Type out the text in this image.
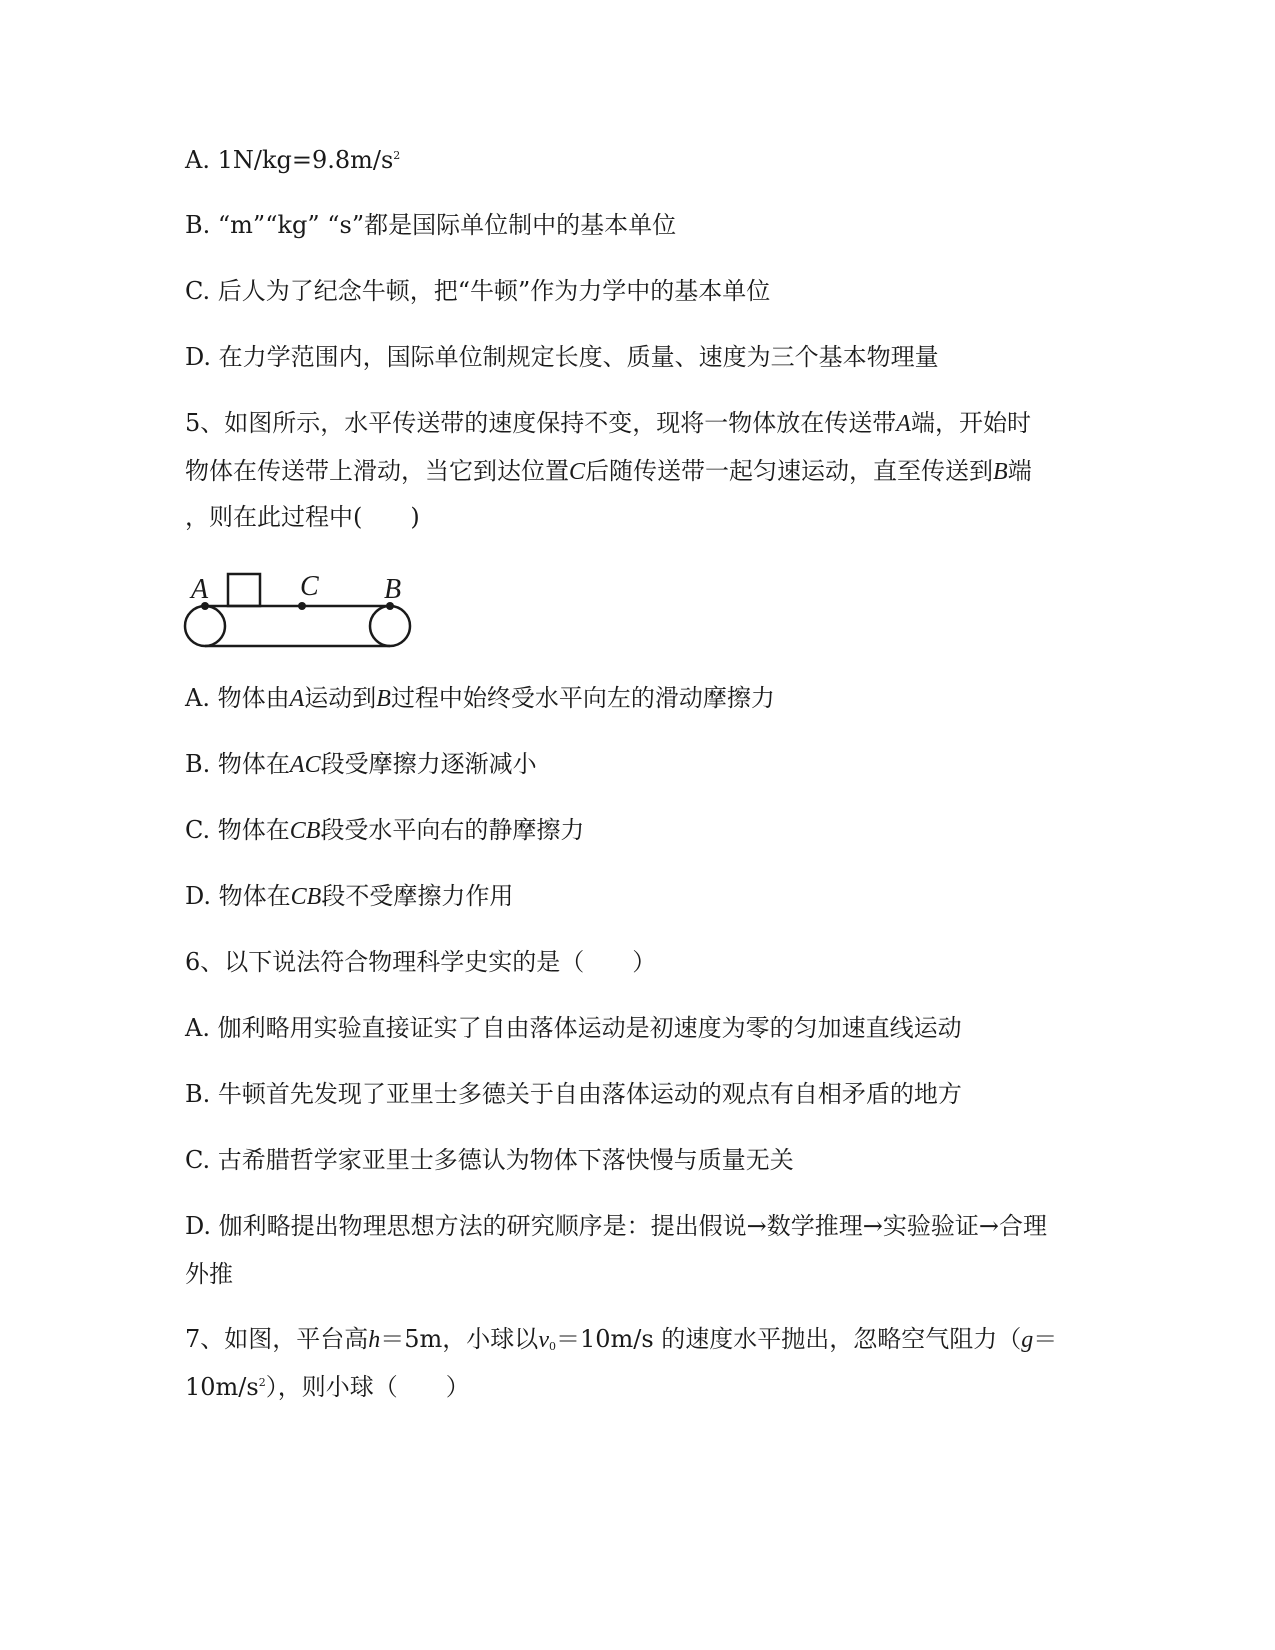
A. $1N/kg=9.8m/s^2$
B. “m”“kg” “s”都是国际单位制中的基本单位
C. 后人为了纪念牛顿，把“牛顿”作为力学中的基本单位
D. 在力学范围内，国际单位制规定长度、质量、速度为三个基本物理量
5、如图所示，水平传送带的速度保持不变，现将一物体放在传送带A端，开始时
物体在传送带上滑动，当它到达位置C后随传送带一起匀速运动，直至传送到B端
，则在此过程中(　　)
A	C B
A. 物体由A运动到B过程中始终受水平向左的滑动摩擦力
B. 物体在AC段受摩擦力逐渐减小
C. 物体在CB段受水平向右的静摩擦力
D. 物体在CB段不受摩擦力作用
6、以下说法符合物理科学史实的是（　　）
A. 伽利略用实验直接证实了自由落体运动是初速度为零的匀加速直线运动
B. 牛顿首先发现了亚里士多德关于自由落体运动的观点有自相矛盾的地方
C. 古希腊哲学家亚里士多德认为物体下落快慢与质量无关
D. 伽利略提出物理思想方法的研究顺序是：提出假说→数学推理→实验验证→合理
外推
7、如图，平台高h＝5m，小球以$v_0=10m/s$ 的速度水平抛出，忽略空气阻力（g＝
$10m/s^2$），则小球（　　）
